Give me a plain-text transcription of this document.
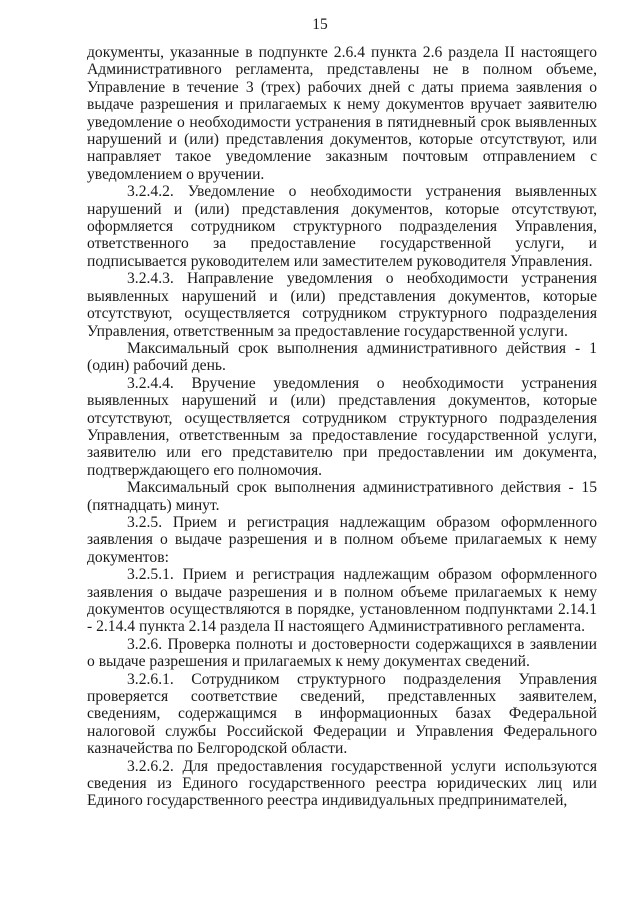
15

документы, указанные в подпункте 2.6.4 пункта 2.6 раздела II настоящего Административного регламента, представлены не в полном объеме, Управление в течение 3 (трех) рабочих дней с даты приема заявления о выдаче разрешения и прилагаемых к нему документов вручает заявителю уведомление о необходимости устранения в пятидневный срок выявленных нарушений и (или) представления документов, которые отсутствуют, или направляет такое уведомление заказным почтовым отправлением с уведомлением о вручении.

3.2.4.2. Уведомление о необходимости устранения выявленных нарушений и (или) представления документов, которые отсутствуют, оформляется сотрудником структурного подразделения Управления, ответственного за предоставление государственной услуги, и подписывается руководителем или заместителем руководителя Управления.

3.2.4.3. Направление уведомления о необходимости устранения выявленных нарушений и (или) представления документов, которые отсутствуют, осуществляется сотрудником структурного подразделения Управления, ответственным за предоставление государственной услуги.

Максимальный срок выполнения административного действия - 1 (один) рабочий день.

3.2.4.4. Вручение уведомления о необходимости устранения выявленных нарушений и (или) представления документов, которые отсутствуют, осуществляется сотрудником структурного подразделения Управления, ответственным за предоставление государственной услуги, заявителю или его представителю при предоставлении им документа, подтверждающего его полномочия.

Максимальный срок выполнения административного действия - 15 (пятнадцать) минут.

3.2.5. Прием и регистрация надлежащим образом оформленного заявления о выдаче разрешения и в полном объеме прилагаемых к нему документов:

3.2.5.1. Прием и регистрация надлежащим образом оформленного заявления о выдаче разрешения и в полном объеме прилагаемых к нему документов осуществляются в порядке, установленном подпунктами 2.14.1 - 2.14.4 пункта 2.14 раздела II настоящего Административного регламента.

3.2.6. Проверка полноты и достоверности содержащихся в заявлении о выдаче разрешения и прилагаемых к нему документах сведений.

3.2.6.1. Сотрудником структурного подразделения Управления проверяется соответствие сведений, представленных заявителем, сведениям, содержащимся в информационных базах Федеральной налоговой службы Российской Федерации и Управления Федерального казначейства по Белгородской области.

3.2.6.2. Для предоставления государственной услуги используются сведения из Единого государственного реестра юридических лиц или Единого государственного реестра индивидуальных предпринимателей,
